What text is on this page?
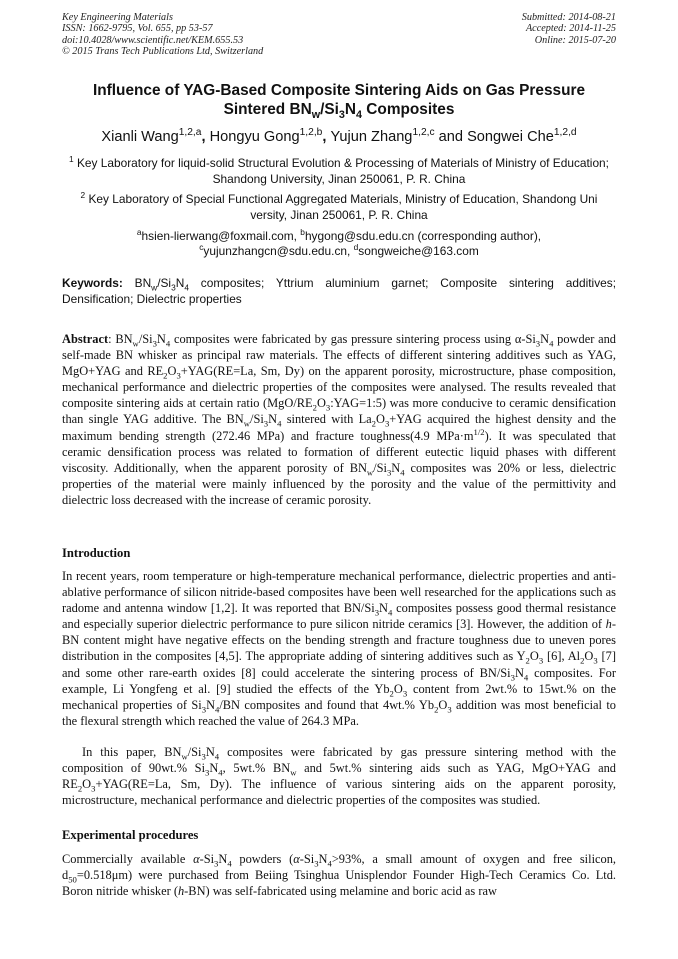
Key Engineering Materials
ISSN: 1662-9795, Vol. 655, pp 53-57
doi:10.4028/www.scientific.net/KEM.655.53
© 2015 Trans Tech Publications Ltd, Switzerland
Submitted: 2014-08-21
Accepted: 2014-11-25
Online: 2015-07-20
Influence of YAG-Based Composite Sintering Aids on Gas Pressure
Sintered $BN_w/Si_3N_4$ Composites
Xianli Wang$^{1,2,a}$, Hongyu Gong$^{1,2,b}$, Yujun Zhang$^{1,2,c}$ and Songwei Che$^{1,2,d}$
$^1$ Key Laboratory for liquid-solid Structural Evolution & Processing of Materials of Ministry of Education; Shandong University, Jinan 250061, P. R. China
$^2$ Key Laboratory of Special Functional Aggregated Materials, Ministry of Education, Shandong Uni versity, Jinan 250061, P. R. China
$^a$hsien-lierwang@foxmail.com, $^b$hygong@sdu.edu.cn (corresponding author),
$^c$yujunzhangcn@sdu.edu.cn, $^d$songweiche@163.com
Keywords: $BN_w/Si_3N_4$ composites; Yttrium aluminium garnet; Composite sintering additives; Densification; Dielectric properties
Abstract: $BN_w/Si_3N_4$ composites were fabricated by gas pressure sintering process using $\alpha-Si_3N_4$ powder and self-made BN whisker as principal raw materials. The effects of different sintering additives such as YAG, MgO+YAG and $RE_2O_3+YAG(RE=La$, Sm, Dy) on the apparent porosity, microstructure, phase composition, mechanical performance and dielectric properties of the composites were analysed. The results revealed that composite sintering aids at certain ratio $(MgO/RE_2O_3:YAG=1:5)$ was more conducive to ceramic densification than single YAG additive. The $BN_w/Si_3N_4$ sintered with $La_2O_3+YAG$ acquired the highest density and the maximum bending strength (272.46 MPa) and fracture toughness(4.9 $MPa\cdot m^{1/2}$). It was speculated that ceramic densification process was related to formation of different eutectic liquid phases with different viscosity. Additionally, when the apparent porosity of $BN_w/Si_3N_4$ composites was 20% or less, dielectric properties of the material were mainly influenced by the porosity and the value of the permittivity and dielectric loss decreased with the increase of ceramic porosity.
Introduction
In recent years, room temperature or high-temperature mechanical performance, dielectric properties and anti-ablative performance of silicon nitride-based composites have been well researched for the applications such as radome and antenna window [1,2]. It was reported that $BN/Si_3N_4$ composites possess good thermal resistance and especially superior dielectric performance to pure silicon nitride ceramics [3]. However, the addition of h-BN content might have negative effects on the bending strength and fracture toughness due to uneven pores distribution in the composites [4,5]. The appropriate adding of sintering additives such as $Y_2O_3$ [6], $Al_2O_3$ [7] and some other rare-earth oxides [8] could accelerate the sintering process of $BN/Si_3N_4$ composites. For example, Li Yongfeng et al. [9] studied the effects of the $Yb_2O_3$ content from 2wt.% to 15wt.% on the mechanical properties of $Si_3N_4/BN$ composites and found that 4wt.% $Yb_2O_3$ addition was most beneficial to the flexural strength which reached the value of 264.3 MPa.
In this paper, $BN_w/Si_3N_4$ composites were fabricated by gas pressure sintering method with the composition of 90wt.% $Si_3N_4$, 5wt.% $BN_w$ and 5wt.% sintering aids such as YAG, MgO+YAG and $RE_2O_3+YAG(RE=La$, Sm, Dy). The influence of various sintering aids on the apparent porosity, microstructure, mechanical performance and dielectric properties of the composites was studied.
Experimental procedures
Commercially available $\alpha-Si_3N_4$ powders ($\alpha-Si_3N_4>93\%$, a small amount of oxygen and free silicon, $d_{50}=0.518\mu m$) were purchased from Beiing Tsinghua Unisplendor Founder High-Tech Ceramics Co. Ltd. Boron nitride whisker (h-BN) was self-fabricated using melamine and boric acid as raw
